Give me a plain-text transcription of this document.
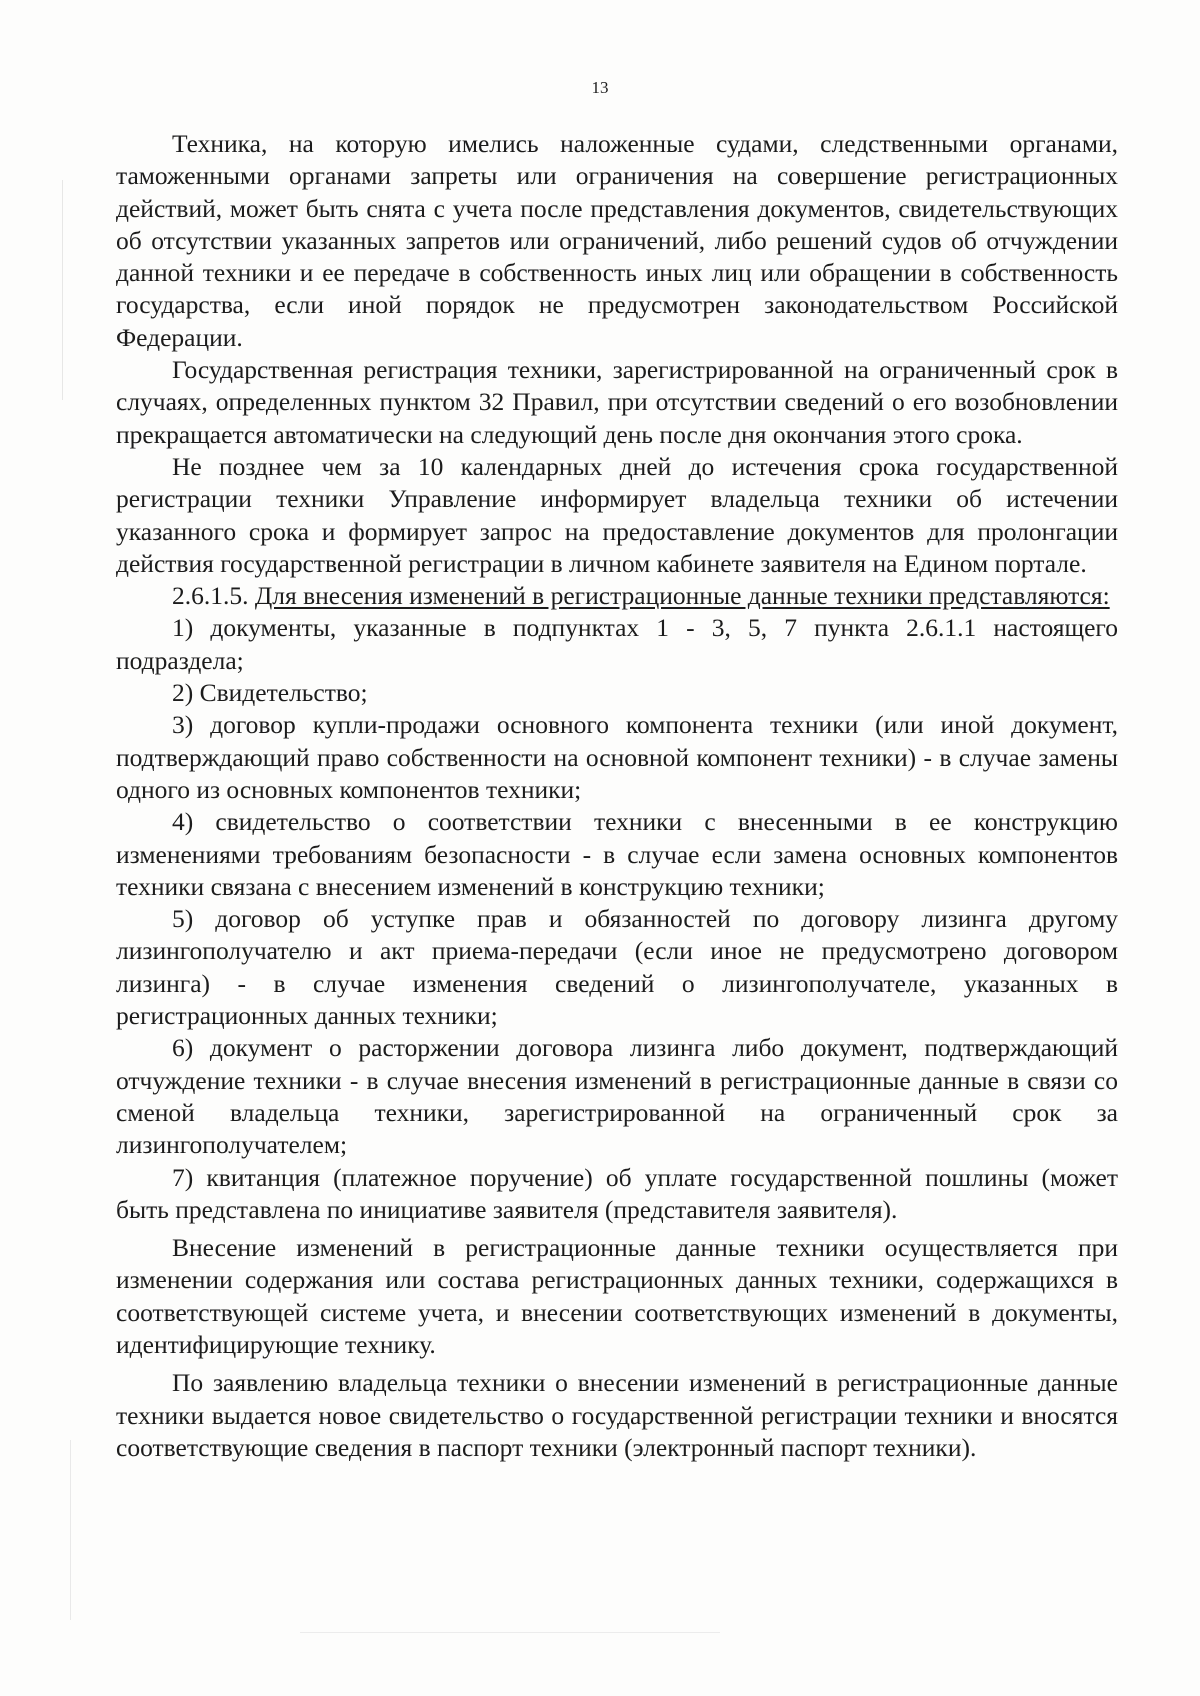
13

Техника, на которую имелись наложенные судами, следственными органами, таможенными органами запреты или ограничения на совершение регистрационных действий, может быть снята с учета после представления документов, свидетельствующих об отсутствии указанных запретов или ограничений, либо решений судов об отчуждении данной техники и ее передаче в собственность иных лиц или обращении в собственность государства, если иной порядок не предусмотрен законодательством Российской Федерации.

Государственная регистрация техники, зарегистрированной на ограниченный срок в случаях, определенных пунктом 32 Правил, при отсутствии сведений о его возобновлении прекращается автоматически на следующий день после дня окончания этого срока.

Не позднее чем за 10 календарных дней до истечения срока государственной регистрации техники Управление информирует владельца техники об истечении указанного срока и формирует запрос на предоставление документов для пролонгации действия государственной регистрации в личном кабинете заявителя на Едином портале.

2.6.1.5. Для внесения изменений в регистрационные данные техники представляются:

1) документы, указанные в подпунктах 1 - 3, 5, 7 пункта 2.6.1.1 настоящего подраздела;

2) Свидетельство;

3) договор купли-продажи основного компонента техники (или иной документ, подтверждающий право собственности на основной компонент техники) - в случае замены одного из основных компонентов техники;

4) свидетельство о соответствии техники с внесенными в ее конструкцию изменениями требованиям безопасности - в случае если замена основных компонентов техники связана с внесением изменений в конструкцию техники;

5) договор об уступке прав и обязанностей по договору лизинга другому лизингополучателю и акт приема-передачи (если иное не предусмотрено договором лизинга) - в случае изменения сведений о лизингополучателе, указанных в регистрационных данных техники;

6) документ о расторжении договора лизинга либо документ, подтверждающий отчуждение техники - в случае внесения изменений в регистрационные данные в связи со сменой владельца техники, зарегистрированной на ограниченный срок за лизингополучателем;

7) квитанция (платежное поручение) об уплате государственной пошлины (может быть представлена по инициативе заявителя (представителя заявителя).

Внесение изменений в регистрационные данные техники осуществляется при изменении содержания или состава регистрационных данных техники, содержащихся в соответствующей системе учета, и внесении соответствующих изменений в документы, идентифицирующие технику.

По заявлению владельца техники о внесении изменений в регистрационные данные техники выдается новое свидетельство о государственной регистрации техники и вносятся соответствующие сведения в паспорт техники (электронный паспорт техники).
